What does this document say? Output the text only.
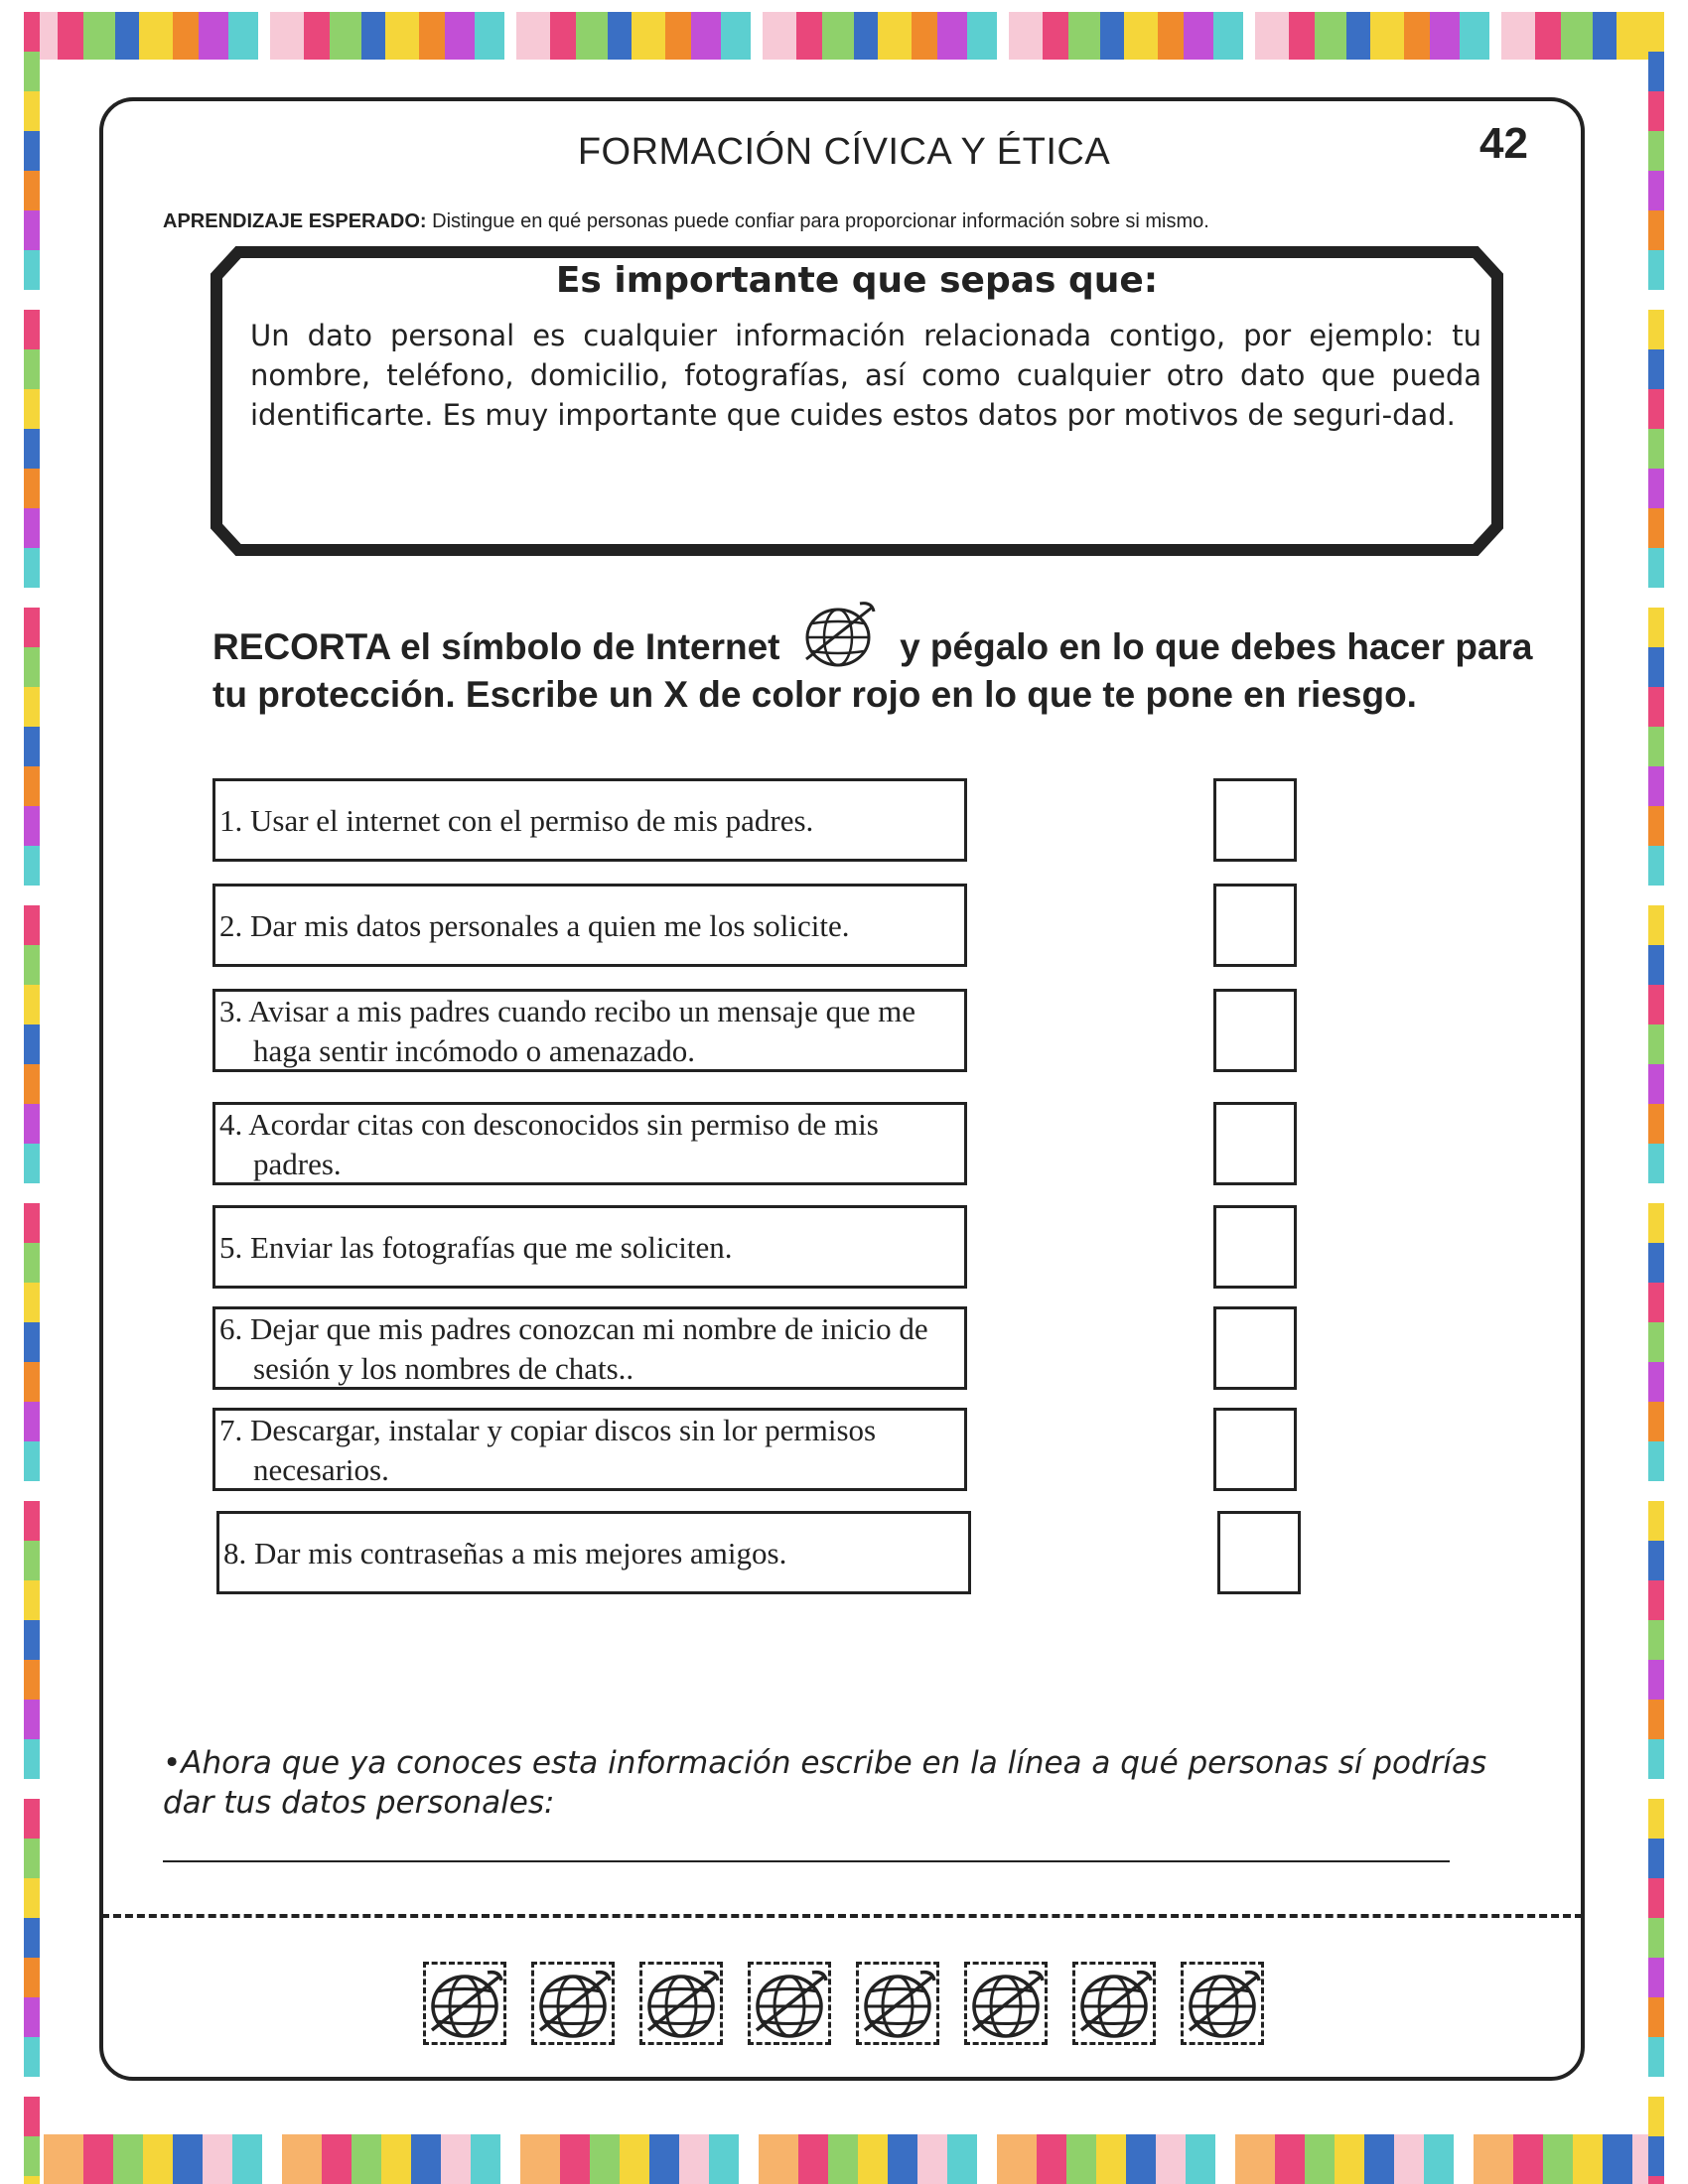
FORMACIÓN CÍVICA Y ÉTICA	42
APRENDIZAJE ESPERADO: Distingue en qué personas puede confiar para proporcionar información sobre si mismo.
Es importante que sepas que:
Un dato personal es cualquier información relacionada contigo, por ejemplo: tu nombre, teléfono, domicilio, fotografías, así como cualquier otro dato que pueda identificarte. Es muy importante que cuides estos datos por motivos de seguri-dad.
RECORTA el símbolo de Internet	y pégalo en lo que debes hacer para tu protección. Escribe un X de color rojo en lo que te pone en riesgo.
1. Usar el internet con el permiso de mis padres.
2. Dar mis datos personales a quien me los solicite.
3. Avisar a mis padres cuando recibo un mensaje que me haga sentir incómodo o amenazado.
4. Acordar citas con desconocidos sin permiso de mis padres.
5. Enviar las fotografías que me soliciten.
6. Dejar que mis padres conozcan mi nombre de inicio de sesión y los nombres de chats..
7. Descargar, instalar y copiar discos sin lor permisos necesarios.
8. Dar mis contraseñas a mis mejores amigos.
•Ahora que ya conoces esta información escribe en la línea a qué personas sí podrías dar tus datos personales:
